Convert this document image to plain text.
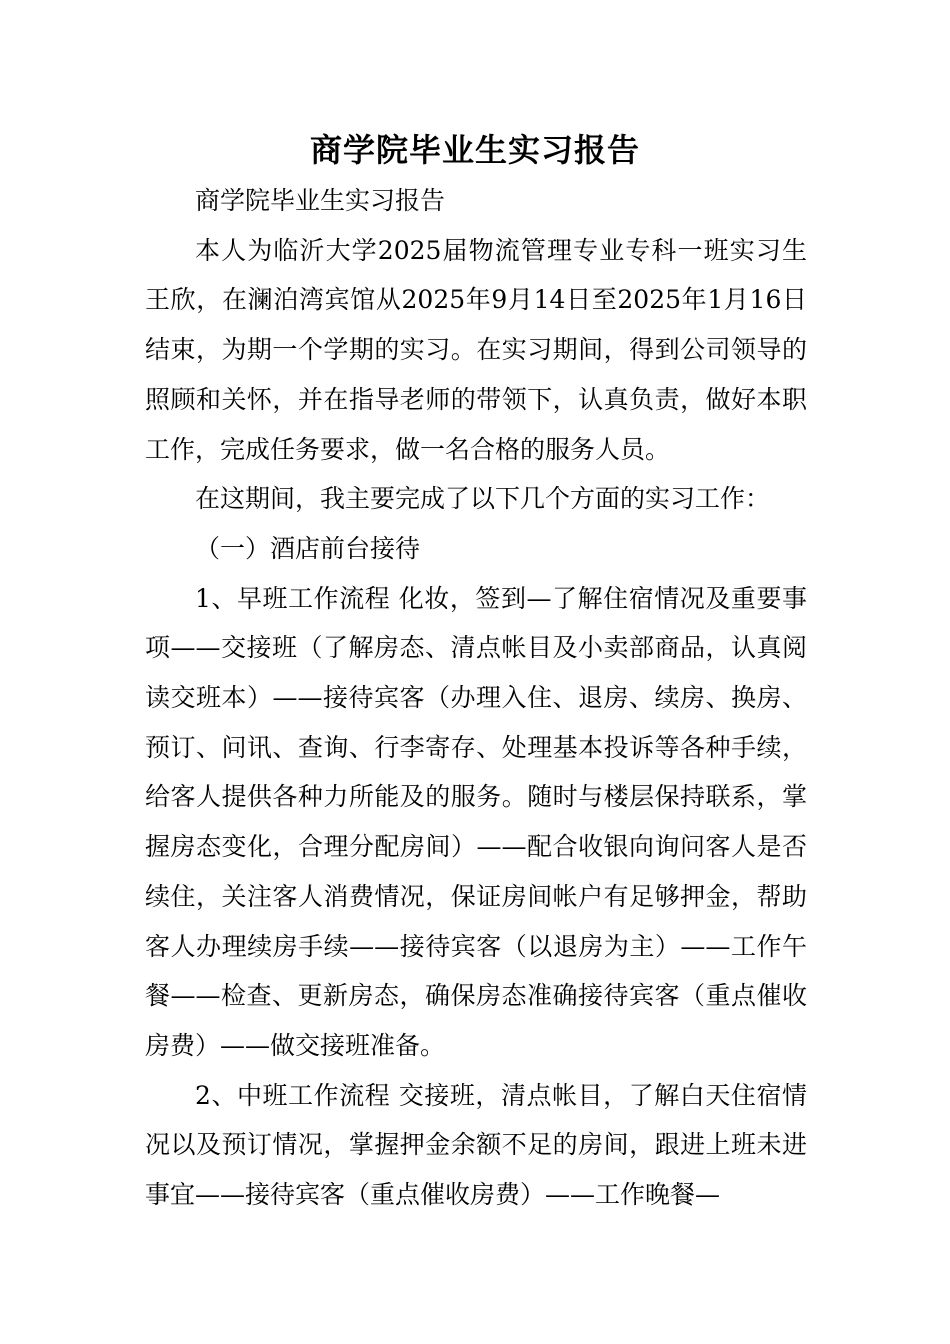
商学院毕业生实习报告

商学院毕业生实习报告

本人为临沂大学2025届物流管理专业专科一班实习生王欣，在澜泊湾宾馆从2025年9月14日至2025年1月16日结束，为期一个学期的实习。在实习期间，得到公司领导的照顾和关怀，并在指导老师的带领下，认真负责，做好本职工作，完成任务要求，做一名合格的服务人员。

在这期间，我主要完成了以下几个方面的实习工作：

（一）酒店前台接待

1、早班工作流程 化妆，签到—了解住宿情况及重要事项——交接班（了解房态、清点帐目及小卖部商品，认真阅读交班本）——接待宾客（办理入住、退房、续房、换房、预订、问讯、查询、行李寄存、处理基本投诉等各种手续，给客人提供各种力所能及的服务。随时与楼层保持联系，掌握房态变化，合理分配房间）——配合收银向询问客人是否续住，关注客人消费情况，保证房间帐户有足够押金，帮助客人办理续房手续——接待宾客（以退房为主）——工作午餐——检查、更新房态，确保房态准确接待宾客（重点催收房费）——做交接班准备。

2、中班工作流程 交接班，清点帐目，了解白天住宿情况以及预订情况，掌握押金余额不足的房间，跟进上班未进事宜——接待宾客（重点催收房费）——工作晚餐—
